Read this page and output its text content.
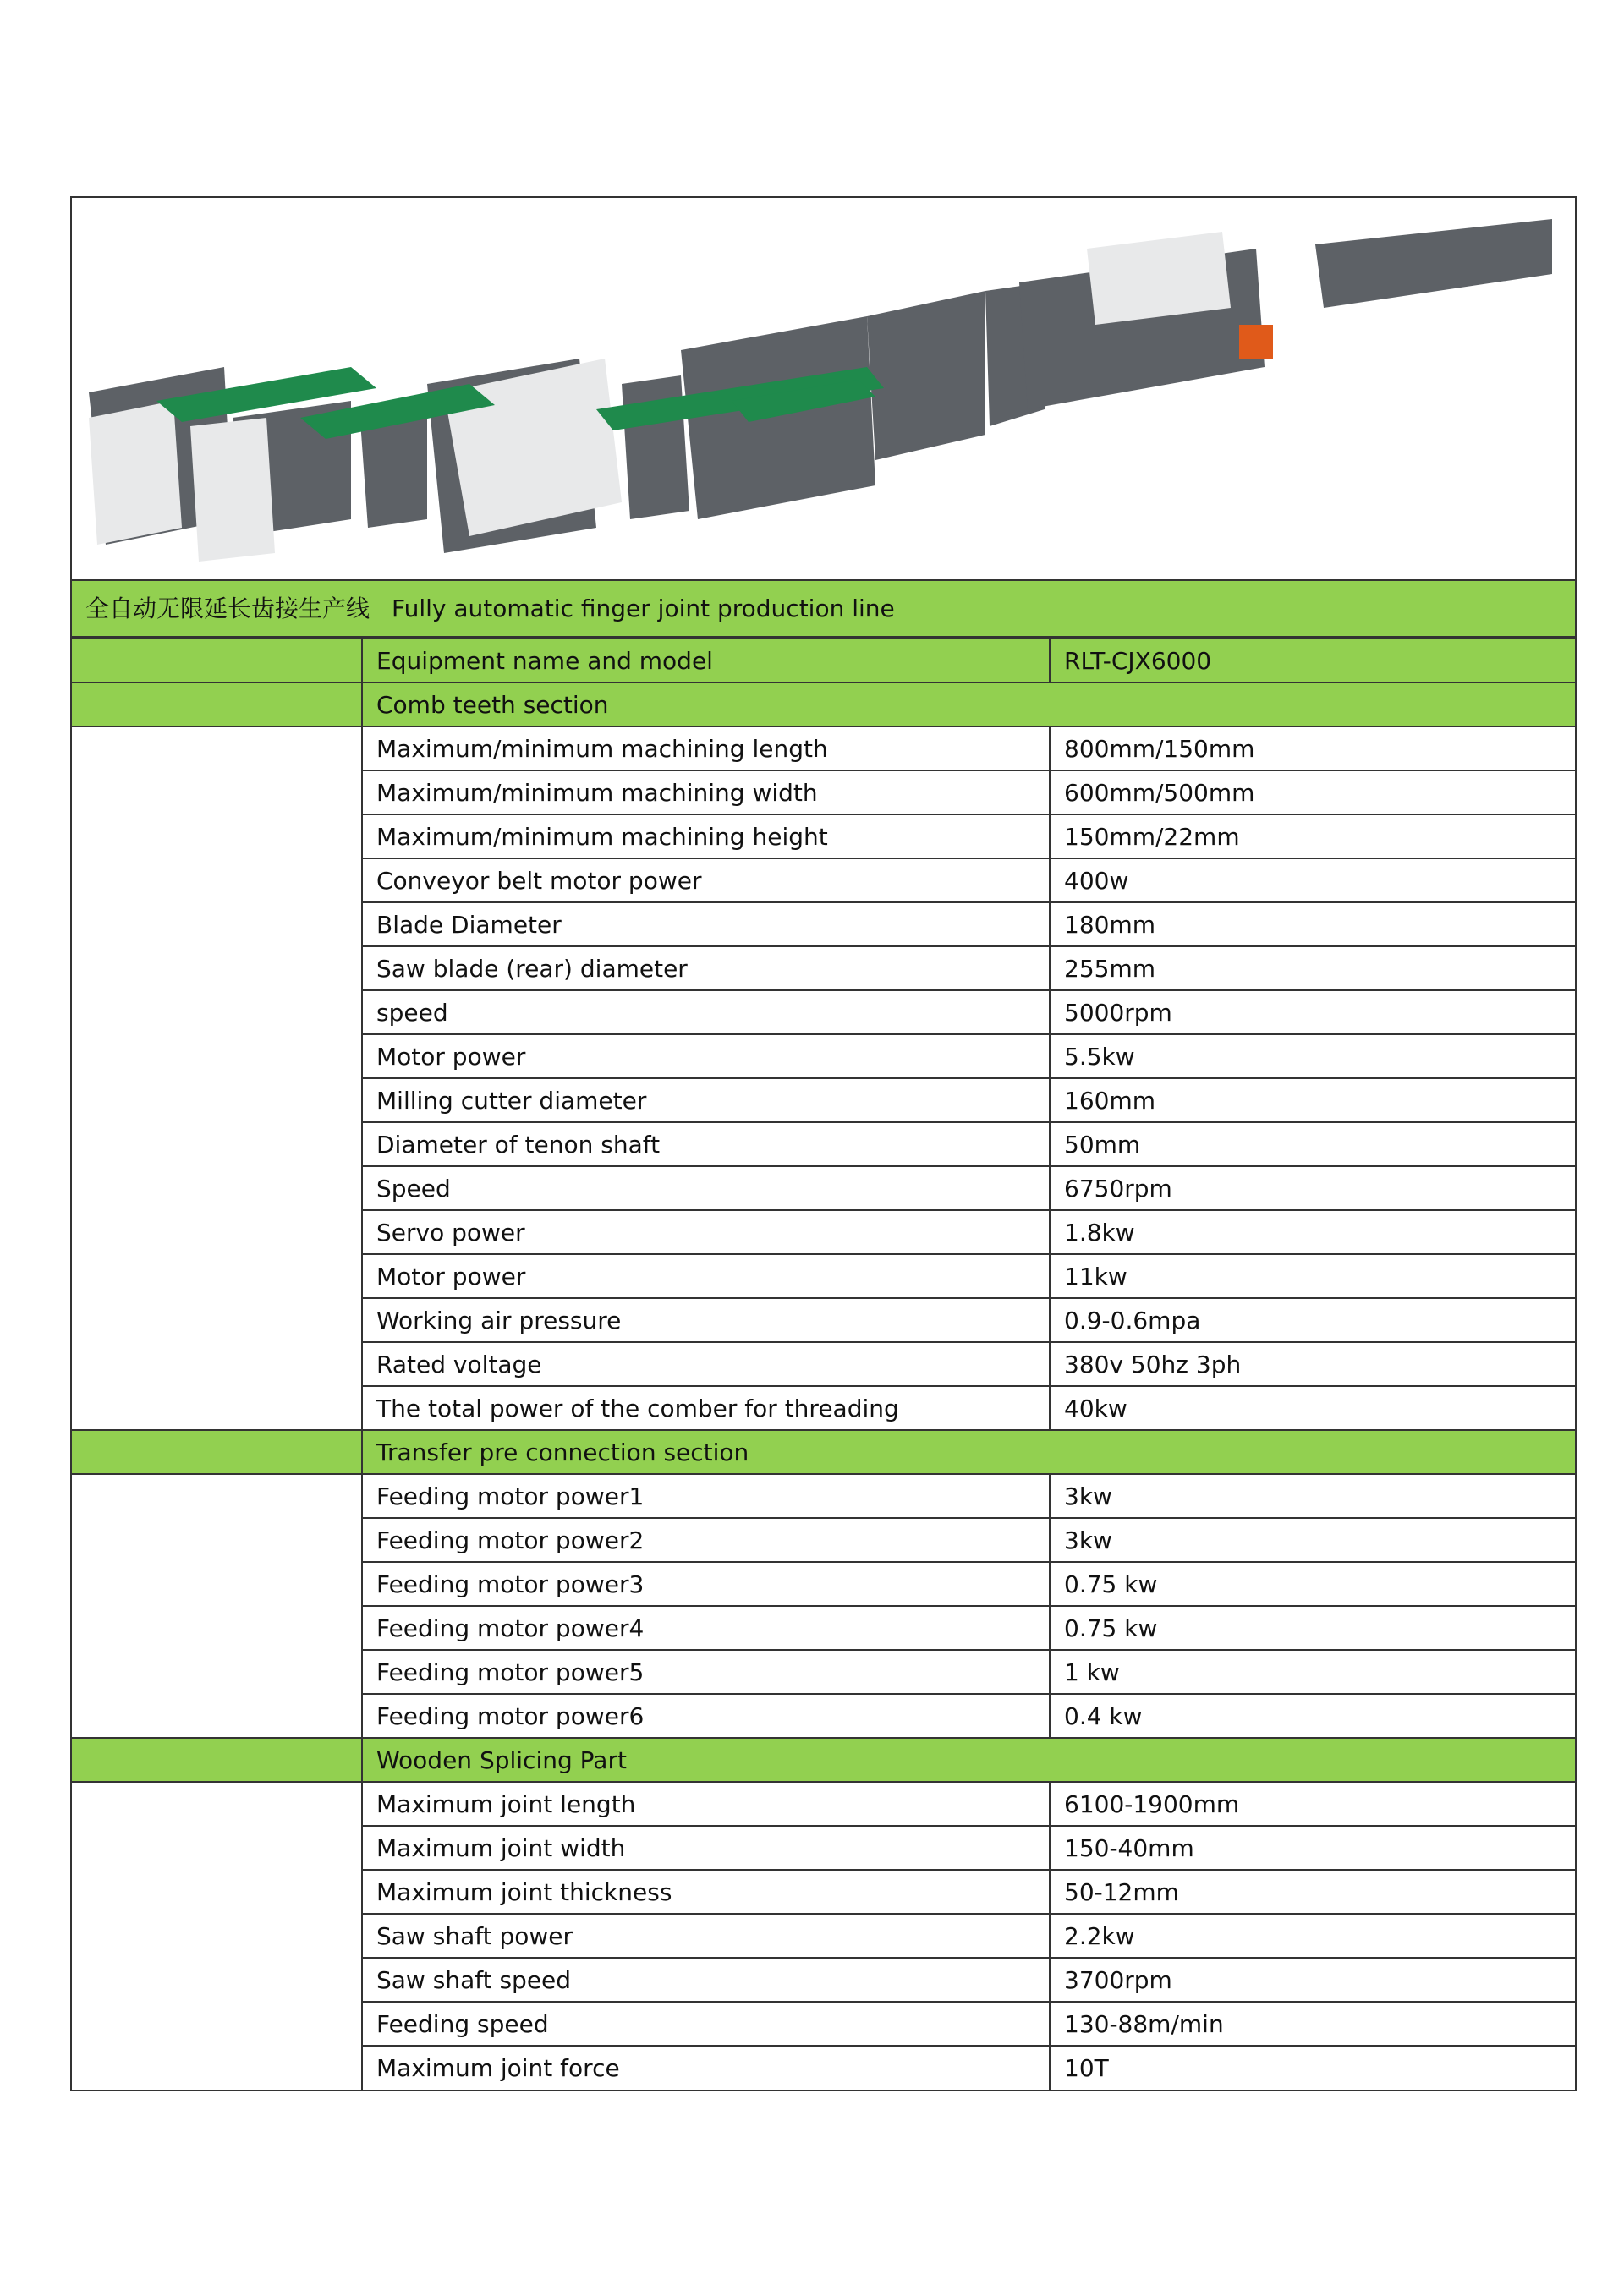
全自动无限延长齿接生产线 Fully automatic finger joint production line
	Equipment name and model	RLT-CJX6000
	Comb teeth section	
	Maximum/minimum machining length	800mm/150mm
	Maximum/minimum machining width	600mm/500mm
	Maximum/minimum machining height	150mm/22mm
	Conveyor belt motor power	400w
	Blade Diameter	180mm
	Saw blade (rear) diameter	255mm
	speed	5000rpm
	Motor power	5.5kw
	Milling cutter diameter	160mm
	Diameter of tenon shaft	50mm
	Speed	6750rpm
	Servo power	1.8kw
	Motor power	11kw
	Working air pressure	0.9-0.6mpa
	Rated voltage	380v 50hz 3ph
	The total power of the comber for threading	40kw
	Transfer pre connection section	
	Feeding motor power1	3kw
	Feeding motor power2	3kw
	Feeding motor power3	0.75 kw
	Feeding motor power4	0.75 kw
	Feeding motor power5	1 kw
	Feeding motor power6	0.4 kw
	Wooden Splicing Part	
	Maximum joint length	6100-1900mm
	Maximum joint width	150-40mm
	Maximum joint thickness	50-12mm
	Saw shaft power	2.2kw
	Saw shaft speed	3700rpm
	Feeding speed	130-88m/min
	Maximum joint force	10T
